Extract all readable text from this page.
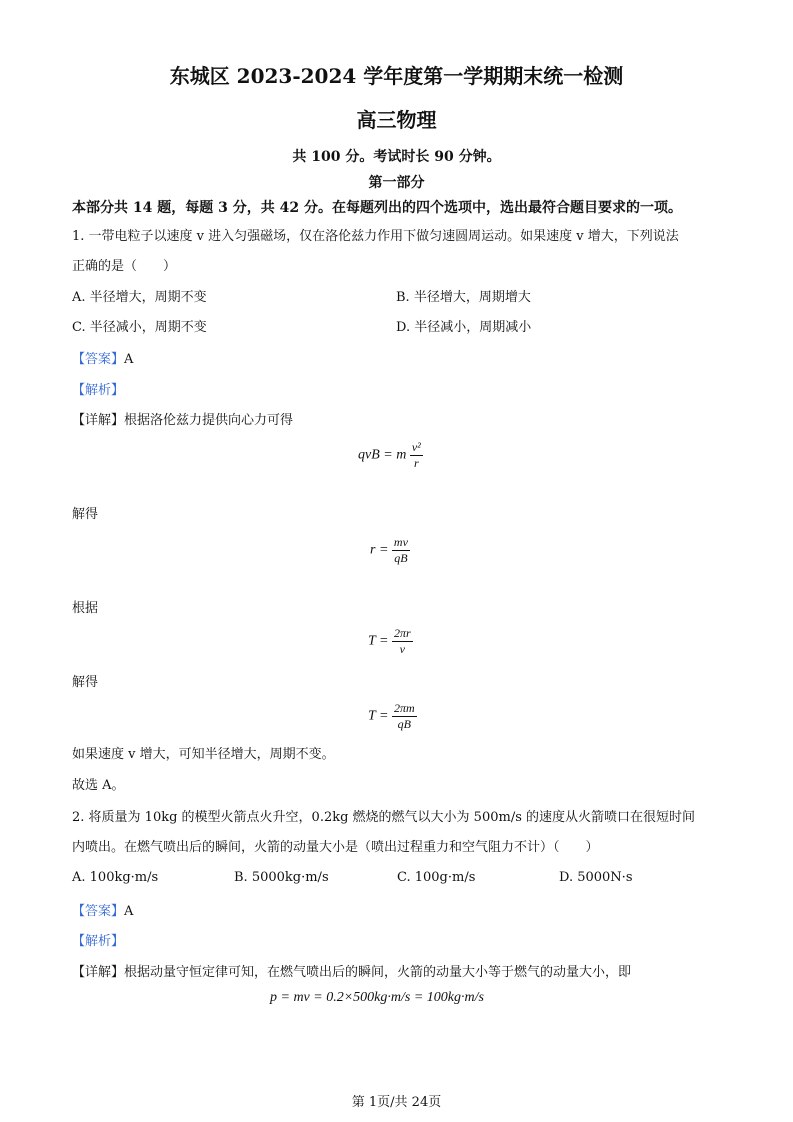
东城区 2023-2024 学年度第一学期期末统一检测
高三物理
共 100 分。考试时长 90 分钟。
第一部分
本部分共 14 题，每题 3 分，共 42 分。在每题列出的四个选项中，选出最符合题目要求的一项。
1. 一带电粒子以速度 v 进入匀强磁场，仅在洛伦兹力作用下做匀速圆周运动。如果速度 v 增大，下列说法
正确的是（　　）
A. 半径增大，周期不变	B. 半径增大，周期增大
C. 半径减小，周期不变	D. 半径减小，周期减小
【答案】A
【解析】
【详解】根据洛伦兹力提供向心力可得
qvB = m $\frac{\text{v²}}{r}$
解得
$r = \frac{mv}{qB}$
根据
$T = \frac{2\pi r}{v}$
解得
$T = \frac{2\pi m}{qB}$
如果速度 v 增大，可知半径增大，周期不变。
故选 A。
2. 将质量为 10kg 的模型火箭点火升空，0.2kg 燃烧的燃气以大小为 500m/s 的速度从火箭喷口在很短时间
内喷出。在燃气喷出后的瞬间，火箭的动量大小是（喷出过程重力和空气阻力不计）（　　）
A. 100kg·m/s	B. 5000kg·m/s	C. 100g·m/s	D. 5000N·s
【答案】A
【解析】
【详解】根据动量守恒定律可知，在燃气喷出后的瞬间，火箭的动量大小等于燃气的动量大小，即
p = mv = 0.2×500kg·m/s = 100kg·m/s
第 1页/共 24页
